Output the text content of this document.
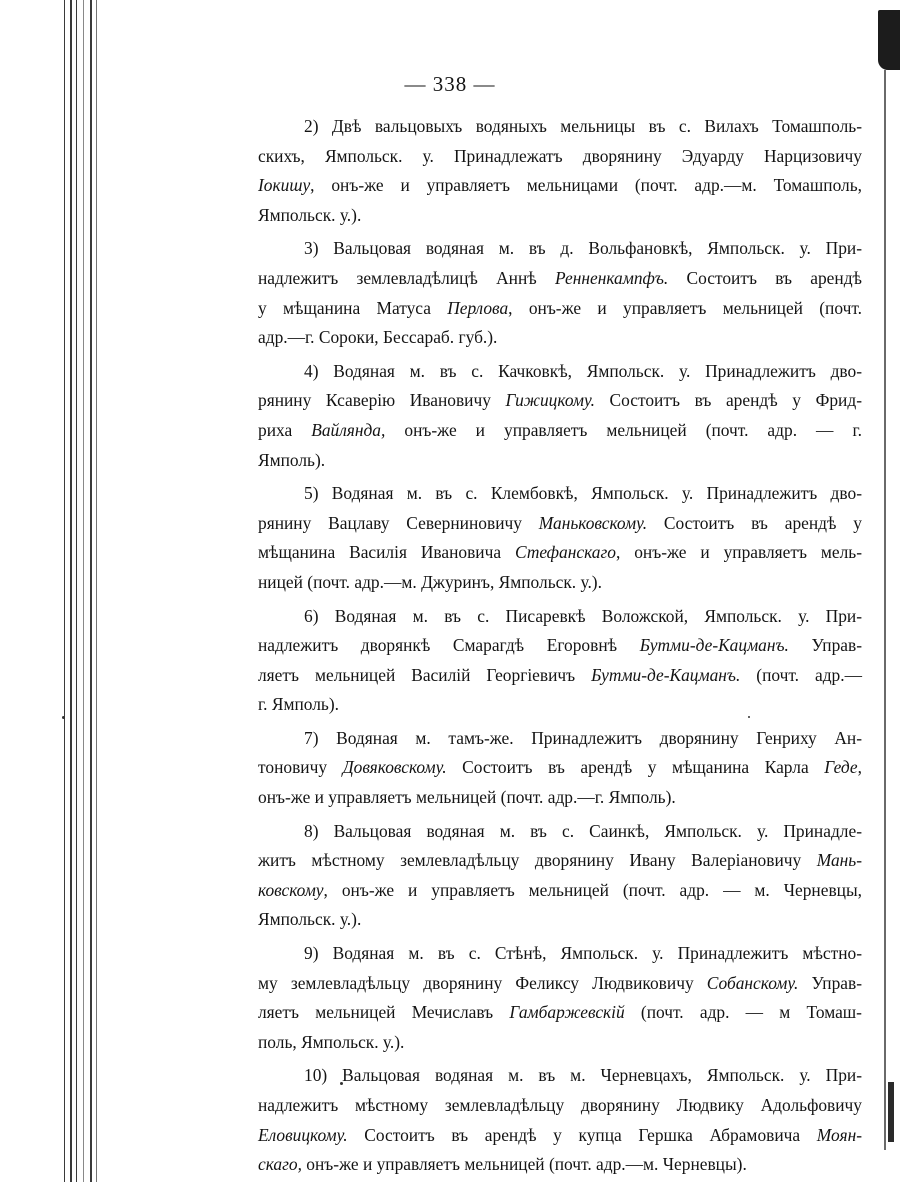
— 338 —
2) Двѣ вальцовыхъ водяныхъ мельницы въ с. Вилахъ Томашполь-
скихъ, Ямпольск. у. Принадлежатъ дворянину Эдуарду Нарцизовичу
Іокишу, онъ-же и управляетъ мельницами (почт. адр.—м. Томашполь,
Ямпольск. у.).
3) Вальцовая водяная м. въ д. Вольфановкѣ, Ямпольск. у. При-
надлежитъ землевладѣлицѣ Аннѣ Ренненкампфъ. Состоитъ въ арендѣ
у мѣщанина Матуса Перлова, онъ-же и управляетъ мельницей (почт.
адр.—г. Сороки, Бессараб. губ.).
4) Водяная м. въ с. Качковкѣ, Ямпольск. у. Принадлежитъ дво-
рянину Ксаверію Ивановичу Гижицкому. Состоитъ въ арендѣ у Фрид-
риха Вайлянда, онъ-же и управляетъ мельницей (почт. адр. — г.
Ямполь).
5) Водяная м. въ с. Клембовкѣ, Ямпольск. у. Принадлежитъ дво-
рянину Вацлаву Северниновичу Маньковскому. Состоитъ въ арендѣ у
мѣщанина Василія Ивановича Стефанскаго, онъ-же и управляетъ мель-
ницей (почт. адр.—м. Джуринъ, Ямпольск. у.).
6) Водяная м. въ с. Писаревкѣ Воложской, Ямпольск. у. При-
надлежитъ дворянкѣ Смарагдѣ Егоровнѣ Бутми-де-Кацманъ. Управ-
ляетъ мельницей Василій Георгіевичъ Бутми-де-Кацманъ. (почт. адр.—
г. Ямполь).
7) Водяная м. тамъ-же. Принадлежитъ дворянину Генриху Ан-
тоновичу Довяковскому. Состоитъ въ арендѣ у мѣщанина Карла Геде,
онъ-же и управляетъ мельницей (почт. адр.—г. Ямполь).
8) Вальцовая водяная м. въ с. Саинкѣ, Ямпольск. у. Принадле-
житъ мѣстному землевладѣльцу дворянину Ивану Валеріановичу Мань-
ковскому, онъ-же и управляетъ мельницей (почт. адр. — м. Черневцы,
Ямпольск. у.).
9) Водяная м. въ с. Стѣнѣ, Ямпольск. у. Принадлежитъ мѣстно-
му землевладѣльцу дворянину Феликсу Людвиковичу Собанскому. Управ-
ляетъ мельницей Мечиславъ Гамбаржевскій (почт. адр. — м Томаш-
поль, Ямпольск. у.).
10) Вальцовая водяная м. въ м. Черневцахъ, Ямпольск. у. При-
надлежитъ мѣстному землевладѣльцу дворянину Людвику Адольфовичу
Еловицкому. Состоитъ въ арендѣ у купца Гершка Абрамовича Моян-
скаго, онъ-же и управляетъ мельницей (почт. адр.—м. Черневцы).
